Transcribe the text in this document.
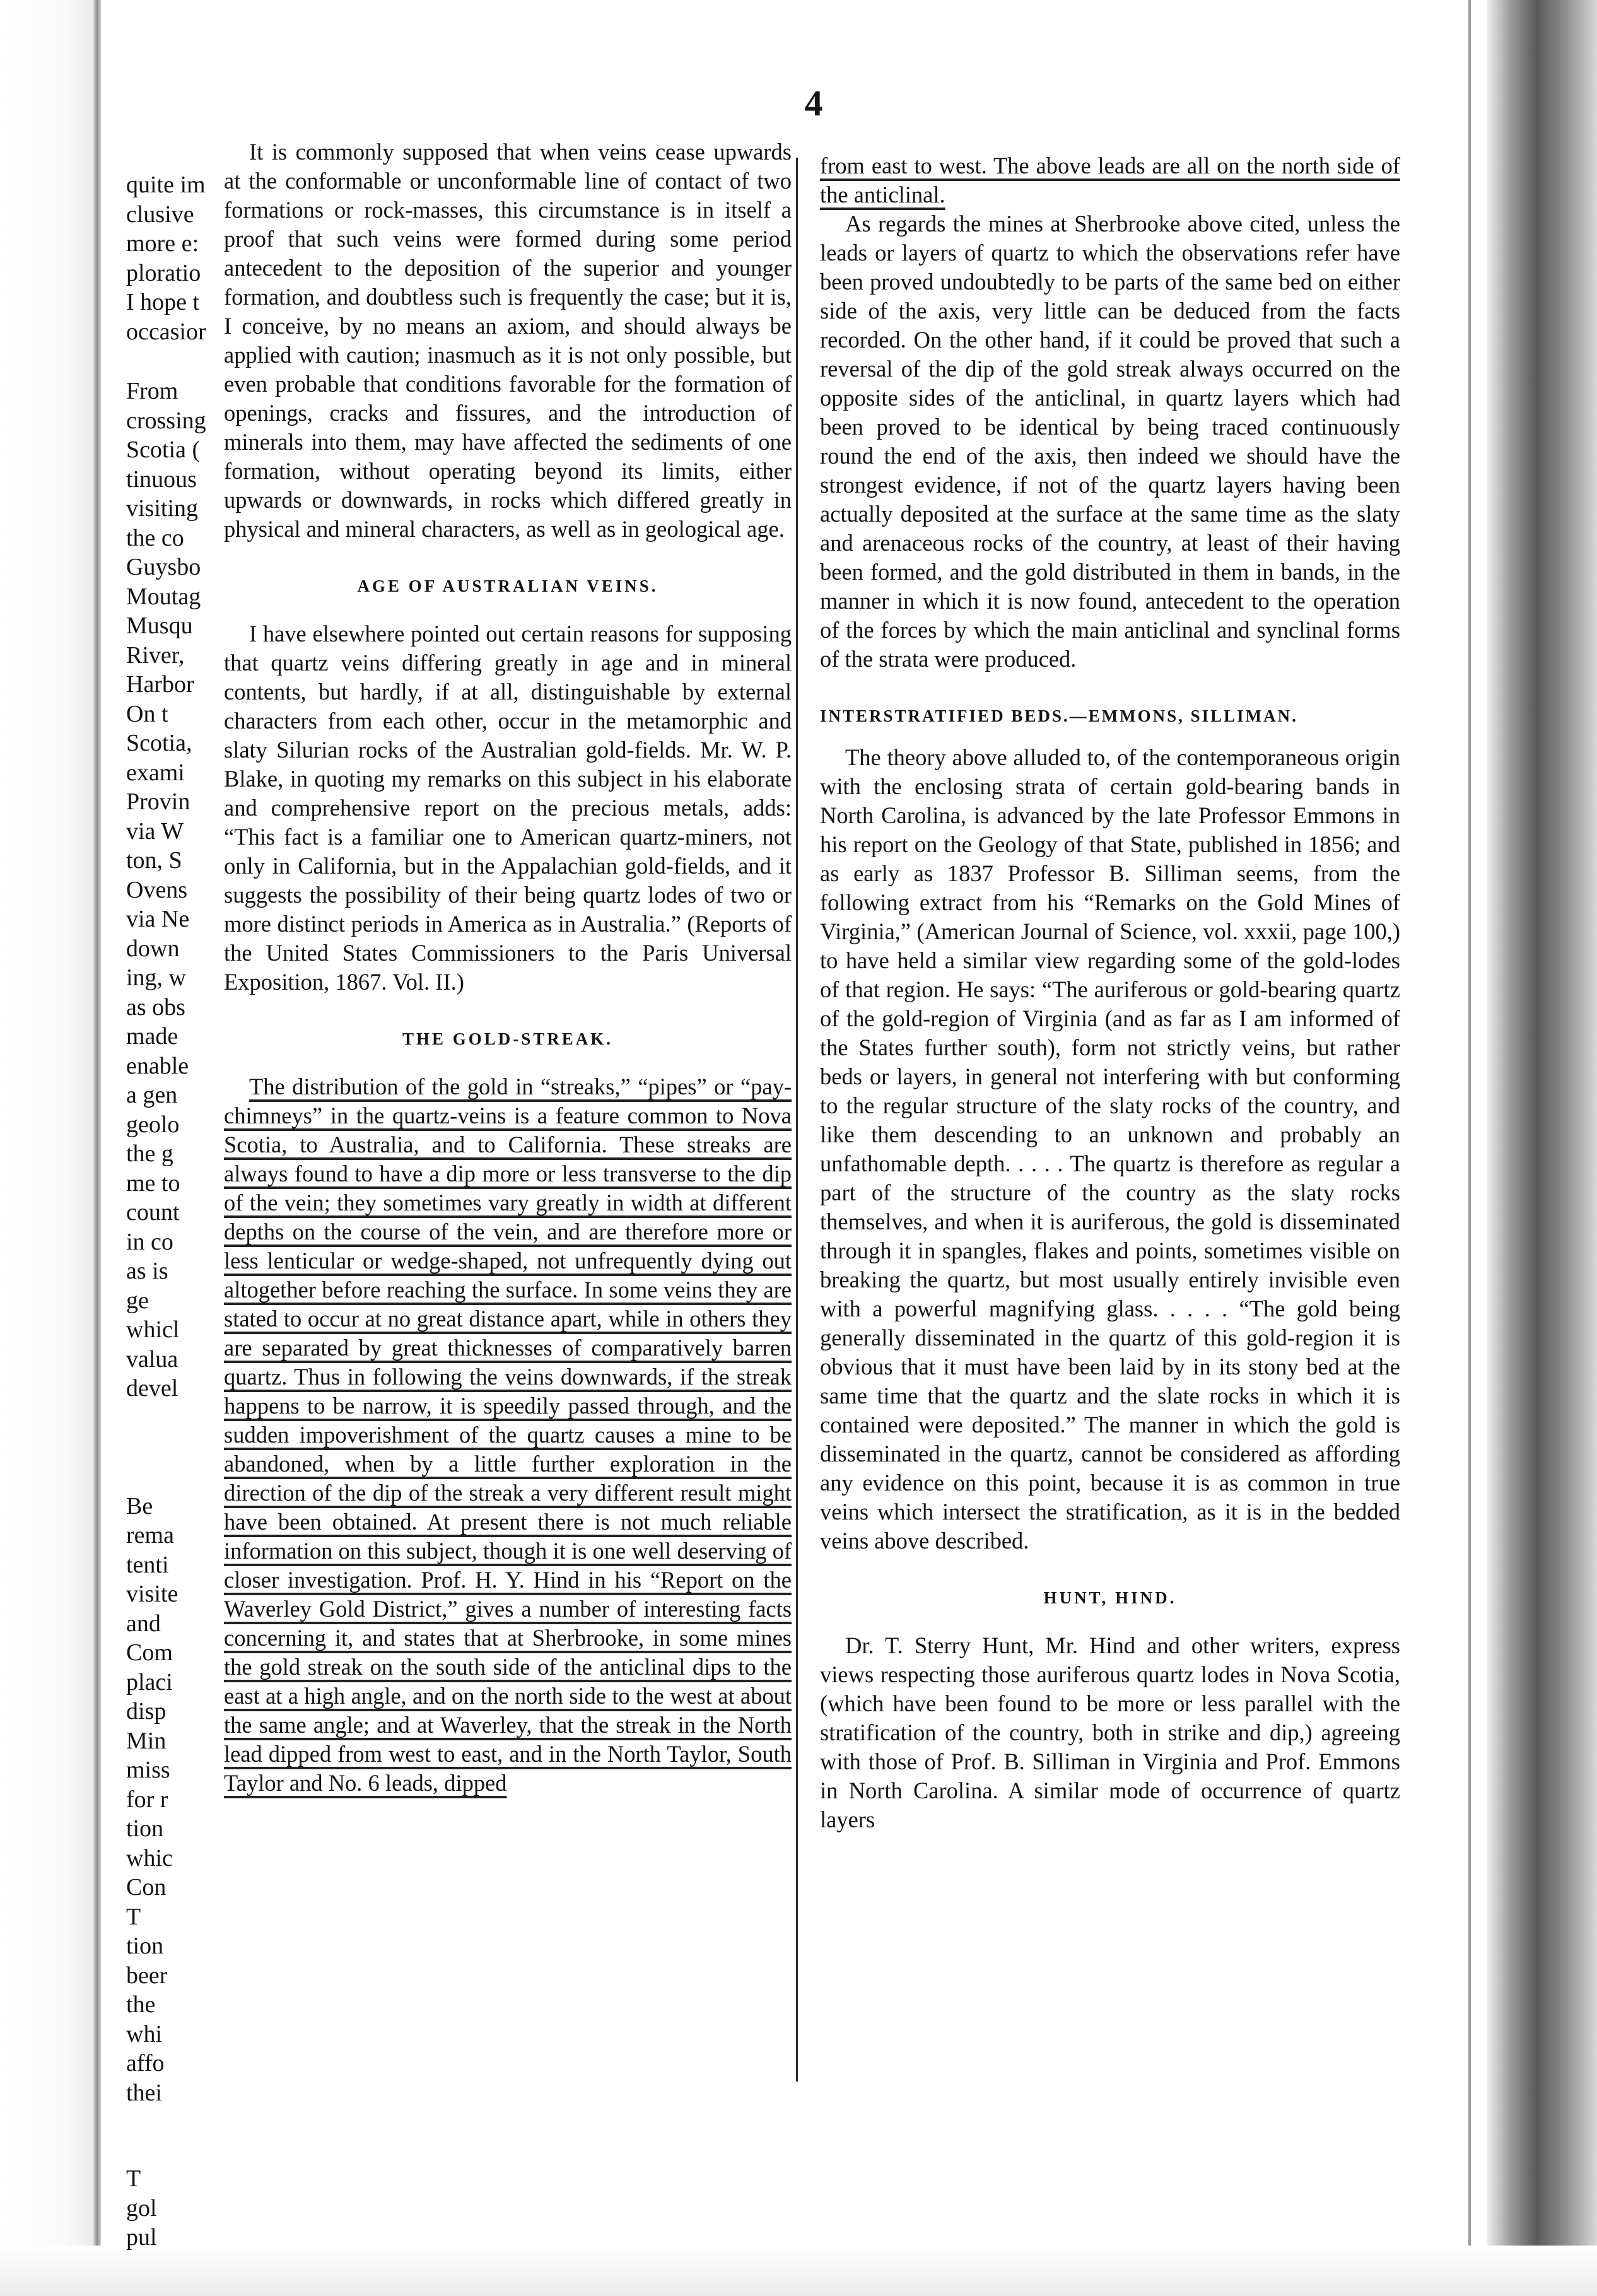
4
quite im
clusive
more e:
ploratio
I hope t
occasior
From
crossing
Scotia (
tinuous
visiting
the co
Guysbo
Moutag
Musqu
River,
Harbor
On t
Scotia,
exami
Provin
via W
ton, S
Ovens
via Ne
down
ing, w
as obs
made
enable
a gen
geolo
the g
me to
count
in co
as is
ge
whicl
valua
devel
Be
rema
tenti
visite
and
Com
placi
disp
Min
miss
for r
tion
whic
Con
T
tion
beer
the
whi
affo
thei
T
gol
pul

It is commonly supposed that when veins cease upwards at the conformable or unconformable line of contact of two formations or rock-masses, this circumstance is in itself a proof that such veins were formed during some period antecedent to the deposition of the superior and younger formation, and doubtless such is frequently the case; but it is, I conceive, by no means an axiom, and should always be applied with caution; inasmuch as it is not only possible, but even probable that conditions favorable for the formation of openings, cracks and fissures, and the introduction of minerals into them, may have affected the sediments of one formation, without operating beyond its limits, either upwards or downwards, in rocks which differed greatly in physical and mineral characters, as well as in geological age.

AGE OF AUSTRALIAN VEINS.

I have elsewhere pointed out certain reasons for supposing that quartz veins differing greatly in age and in mineral contents, but hardly, if at all, distinguishable by external characters from each other, occur in the metamorphic and slaty Silurian rocks of the Australian gold-fields. Mr. W. P. Blake, in quoting my remarks on this subject in his elaborate and comprehensive report on the precious metals, adds: “This fact is a familiar one to American quartz-miners, not only in California, but in the Appalachian gold-fields, and it suggests the possibility of their being quartz lodes of two or more distinct periods in America as in Australia.” (Reports of the United States Commissioners to the Paris Universal Exposition, 1867. Vol. II.)

THE GOLD-STREAK.

The distribution of the gold in “streaks,” “pipes” or “pay-chimneys” in the quartz-veins is a feature common to Nova Scotia, to Australia, and to California. These streaks are always found to have a dip more or less transverse to the dip of the vein; they sometimes vary greatly in width at different depths on the course of the vein, and are therefore more or less lenticular or wedge-shaped, not unfrequently dying out altogether before reaching the surface. In some veins they are stated to occur at no great distance apart, while in others they are separated by great thicknesses of comparatively barren quartz. Thus in following the veins downwards, if the streak happens to be narrow, it is speedily passed through, and the sudden impoverishment of the quartz causes a mine to be abandoned, when by a little further exploration in the direction of the dip of the streak a very different result might have been obtained. At present there is not much reliable information on this subject, though it is one well deserving of closer investigation. Prof. H. Y. Hind in his “Report on the Waverley Gold District,” gives a number of interesting facts concerning it, and states that at Sherbrooke, in some mines the gold streak on the south side of the anticlinal dips to the east at a high angle, and on the north side to the west at about the same angle; and at Waverley, that the streak in the North lead dipped from west to east, and in the North Taylor, South Taylor and No. 6 leads, dipped

from east to west. The above leads are all on the north side of the anticlinal.

As regards the mines at Sherbrooke above cited, unless the leads or layers of quartz to which the observations refer have been proved undoubtedly to be parts of the same bed on either side of the axis, very little can be deduced from the facts recorded. On the other hand, if it could be proved that such a reversal of the dip of the gold streak always occurred on the opposite sides of the anticlinal, in quartz layers which had been proved to be identical by being traced continuously round the end of the axis, then indeed we should have the strongest evidence, if not of the quartz layers having been actually deposited at the surface at the same time as the slaty and arenaceous rocks of the country, at least of their having been formed, and the gold distributed in them in bands, in the manner in which it is now found, antecedent to the operation of the forces by which the main anticlinal and synclinal forms of the strata were produced.

INTERSTRATIFIED BEDS.—EMMONS, SILLIMAN.

The theory above alluded to, of the contemporaneous origin with the enclosing strata of certain gold-bearing bands in North Carolina, is advanced by the late Professor Emmons in his report on the Geology of that State, published in 1856; and as early as 1837 Professor B. Silliman seems, from the following extract from his “Remarks on the Gold Mines of Virginia,” (American Journal of Science, vol. xxxii, page 100,) to have held a similar view regarding some of the gold-lodes of that region. He says: “The auriferous or gold-bearing quartz of the gold-region of Virginia (and as far as I am informed of the States further south), form not strictly veins, but rather beds or layers, in general not interfering with but conforming to the regular structure of the slaty rocks of the country, and like them descending to an unknown and probably an unfathomable depth. . . . . The quartz is therefore as regular a part of the structure of the country as the slaty rocks themselves, and when it is auriferous, the gold is disseminated through it in spangles, flakes and points, sometimes visible on breaking the quartz, but most usually entirely invisible even with a powerful magnifying glass. . . . . “The gold being generally disseminated in the quartz of this gold-region it is obvious that it must have been laid by in its stony bed at the same time that the quartz and the slate rocks in which it is contained were deposited.” The manner in which the gold is disseminated in the quartz, cannot be considered as affording any evidence on this point, because it is as common in true veins which intersect the stratification, as it is in the bedded veins above described.

HUNT, HIND.

Dr. T. Sterry Hunt, Mr. Hind and other writers, express views respecting those auriferous quartz lodes in Nova Scotia, (which have been found to be more or less parallel with the stratification of the country, both in strike and dip,) agreeing with those of Prof. B. Silliman in Virginia and Prof. Emmons in North Carolina. A similar mode of occurrence of quartz layers
